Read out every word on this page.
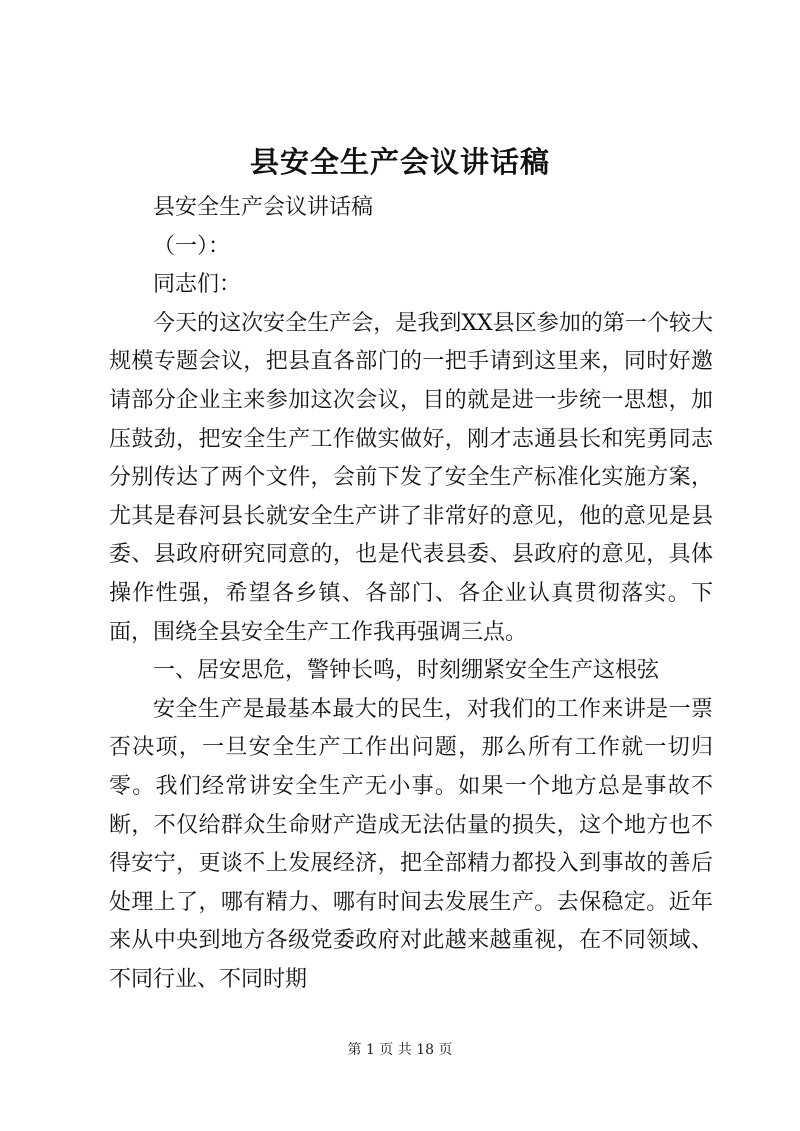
县安全生产会议讲话稿

县安全生产会议讲话稿

（一）：

同志们：

今天的这次安全生产会，是我到XX县区参加的第一个较大规模专题会议，把县直各部门的一把手请到这里来，同时好邀请部分企业主来参加这次会议，目的就是进一步统一思想，加压鼓劲，把安全生产工作做实做好，刚才志通县长和宪勇同志分别传达了两个文件，会前下发了安全生产标准化实施方案，尤其是春河县长就安全生产讲了非常好的意见，他的意见是县委、县政府研究同意的，也是代表县委、县政府的意见，具体操作性强，希望各乡镇、各部门、各企业认真贯彻落实。下面，围绕全县安全生产工作我再强调三点。

一、居安思危，警钟长鸣，时刻绷紧安全生产这根弦

安全生产是最基本最大的民生，对我们的工作来讲是一票否决项，一旦安全生产工作出问题，那么所有工作就一切归零。我们经常讲安全生产无小事。如果一个地方总是事故不断，不仅给群众生命财产造成无法估量的损失，这个地方也不得安宁，更谈不上发展经济，把全部精力都投入到事故的善后处理上了，哪有精力、哪有时间去发展生产。去保稳定。近年来从中央到地方各级党委政府对此越来越重视，在不同领域、不同行业、不同时期

第 1 页 共 18 页
